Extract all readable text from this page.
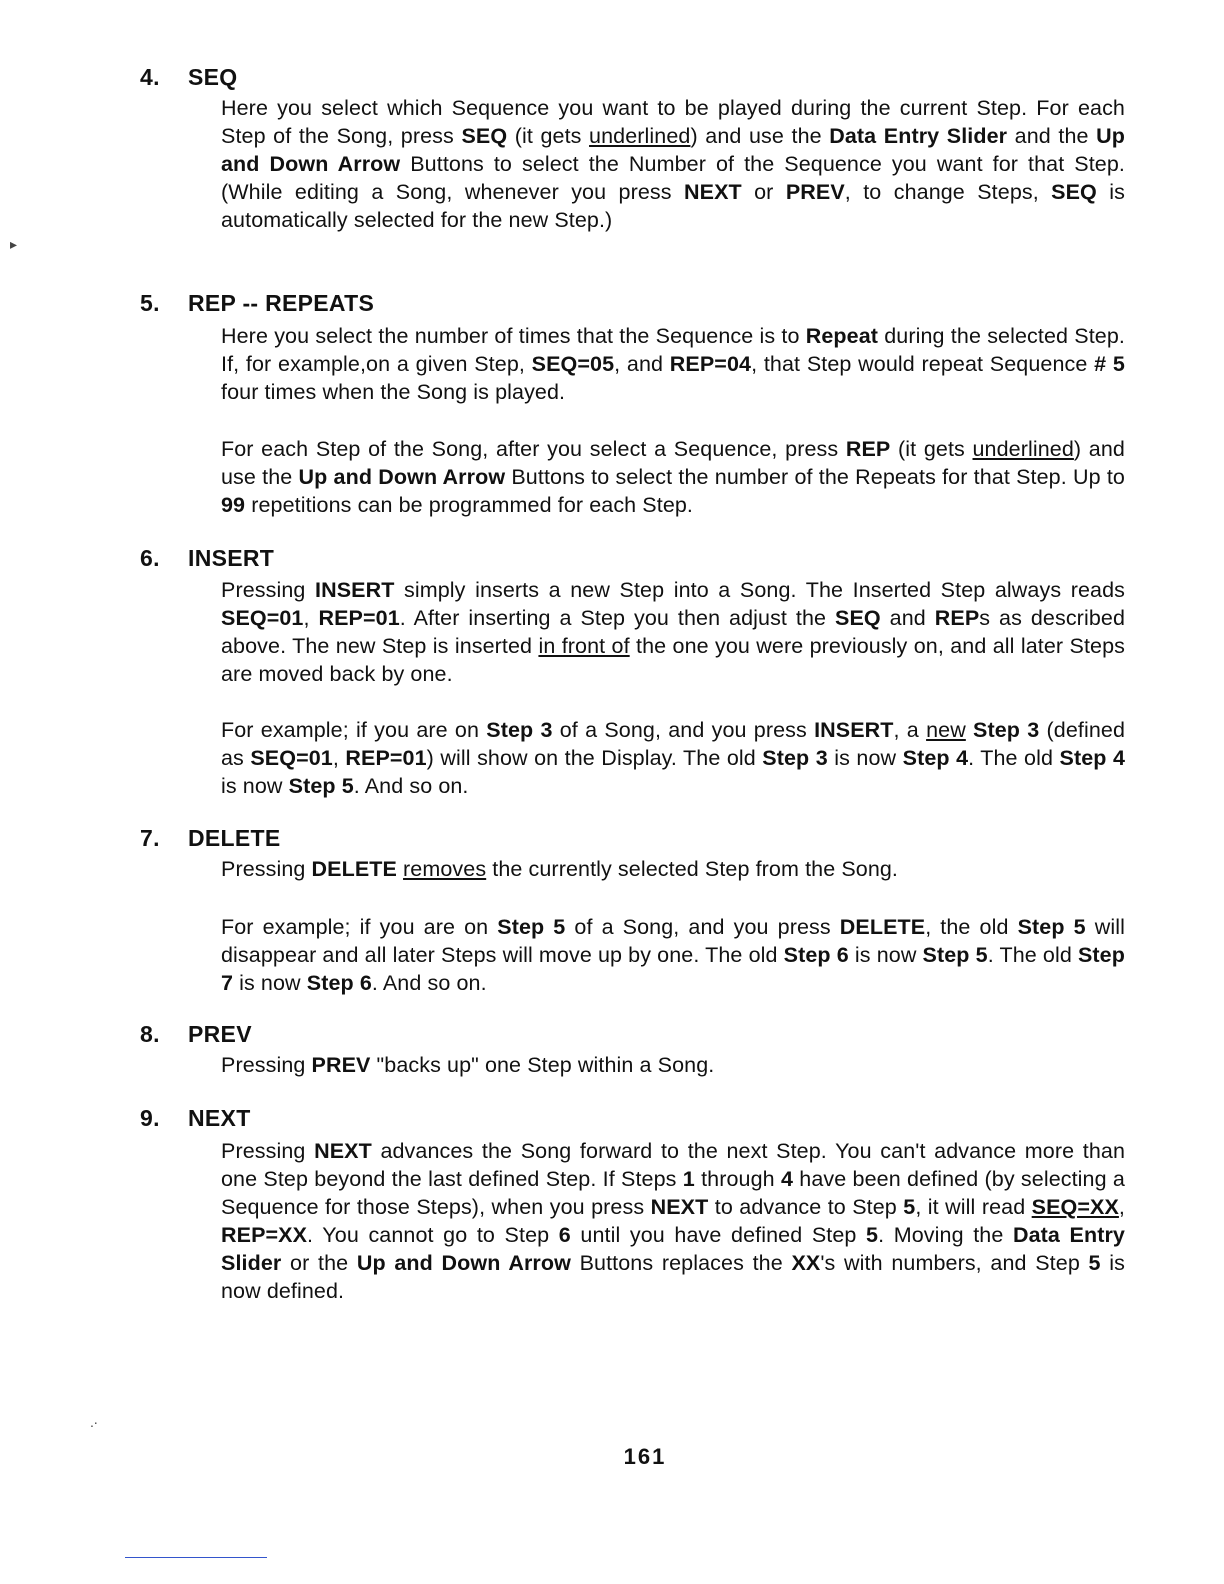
▸
.∙
4. SEQ
Here you select which Sequence you want to be played during the current Step. For each Step of the Song, press SEQ (it gets underlined) and use the Data Entry Slider and the Up and Down Arrow Buttons to select the Number of the Sequence you want for that Step. (While editing a Song, whenever you press NEXT or PREV, to change Steps, SEQ is automatically selected for the new Step.)
5. REP -- REPEATS
Here you select the number of times that the Sequence is to Repeat during the selected Step. If, for example,on a given Step, SEQ=05, and REP=04, that Step would repeat Sequence # 5 four times when the Song is played.
For each Step of the Song, after you select a Sequence, press REP (it gets underlined) and use the Up and Down Arrow Buttons to select the number of the Repeats for that Step. Up to 99 repetitions can be programmed for each Step.
6. INSERT
Pressing INSERT simply inserts a new Step into a Song. The Inserted Step always reads SEQ=01, REP=01. After inserting a Step you then adjust the SEQ and REPs as described above. The new Step is inserted in front of the one you were previously on, and all later Steps are moved back by one.
For example; if you are on Step 3 of a Song, and you press INSERT, a new Step 3 (defined as SEQ=01, REP=01) will show on the Display. The old Step 3 is now Step 4. The old Step 4 is now Step 5. And so on.
7. DELETE
Pressing DELETE removes the currently selected Step from the Song.
For example; if you are on Step 5 of a Song, and you press DELETE, the old Step 5 will disappear and all later Steps will move up by one. The old Step 6 is now Step 5. The old Step 7 is now Step 6. And so on.
8. PREV
Pressing PREV "backs up" one Step within a Song.
9. NEXT
Pressing NEXT advances the Song forward to the next Step. You can't advance more than one Step beyond the last defined Step. If Steps 1 through 4 have been defined (by selecting a Sequence for those Steps), when you press NEXT to advance to Step 5, it will read SEQ=XX, REP=XX. You cannot go to Step 6 until you have defined Step 5. Moving the Data Entry Slider or the Up and Down Arrow Buttons replaces the XX's with numbers, and Step 5 is now defined.
161
